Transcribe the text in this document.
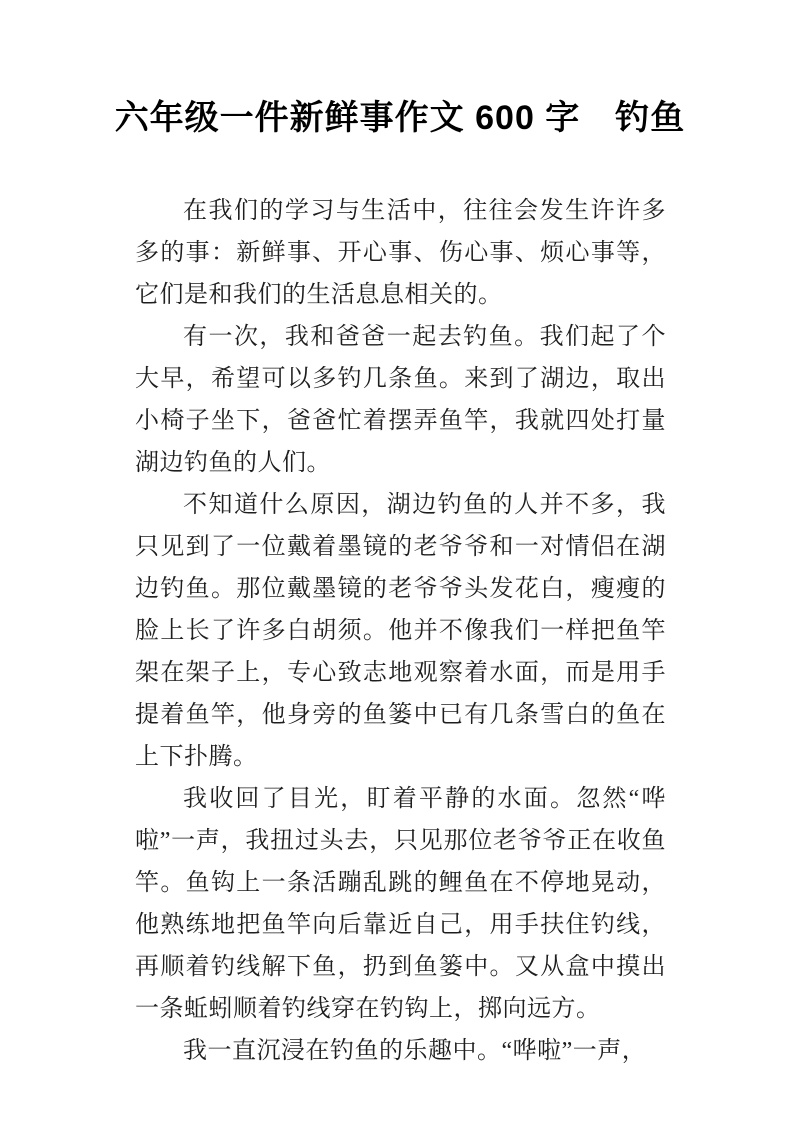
六年级一件新鲜事作文 600 字　钓鱼

在我们的学习与生活中，往往会发生许许多多的事：新鲜事、开心事、伤心事、烦心事等，它们是和我们的生活息息相关的。

有一次，我和爸爸一起去钓鱼。我们起了个大早，希望可以多钓几条鱼。来到了湖边，取出小椅子坐下，爸爸忙着摆弄鱼竿，我就四处打量湖边钓鱼的人们。

不知道什么原因，湖边钓鱼的人并不多，我只见到了一位戴着墨镜的老爷爷和一对情侣在湖边钓鱼。那位戴墨镜的老爷爷头发花白，瘦瘦的脸上长了许多白胡须。他并不像我们一样把鱼竿架在架子上，专心致志地观察着水面，而是用手提着鱼竿，他身旁的鱼篓中已有几条雪白的鱼在上下扑腾。

我收回了目光，盯着平静的水面。忽然“哗啦”一声，我扭过头去，只见那位老爷爷正在收鱼竿。鱼钩上一条活蹦乱跳的鲤鱼在不停地晃动，他熟练地把鱼竿向后靠近自己，用手扶住钓线，再顺着钓线解下鱼，扔到鱼篓中。又从盒中摸出一条蚯蚓顺着钓线穿在钓钩上，掷向远方。

我一直沉浸在钓鱼的乐趣中。“哗啦”一声，
